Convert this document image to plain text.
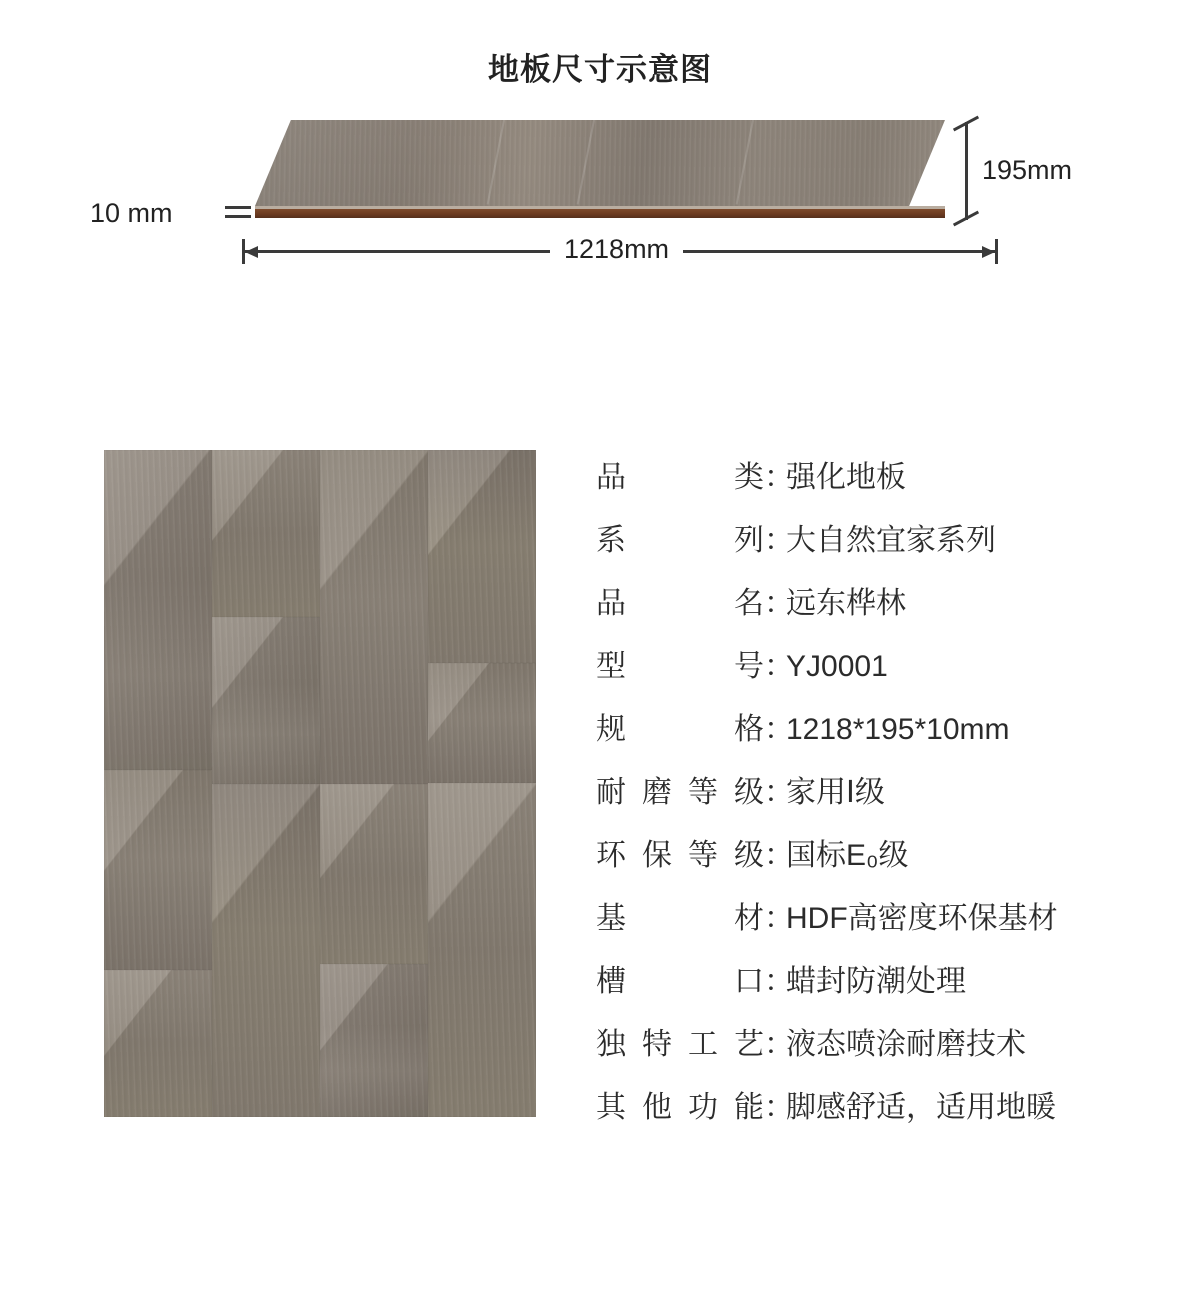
地板尺寸示意图
10 mm
195mm
1218mm
品 类 ：
强化地板
系 列 ：
大自然宜家系列
品 名 ：
远东桦林
型 号 ：
YJ0001
规 格 ：
1218*195*10mm
耐磨等级 ：
家用Ⅰ级
环保等级 ：
国标E₀级
基 材 ：
HDF高密度环保基材
槽 口 ：
蜡封防潮处理
独特工艺 ：
液态喷涂耐磨技术
其他功能 ：
脚感舒适，适用地暖
